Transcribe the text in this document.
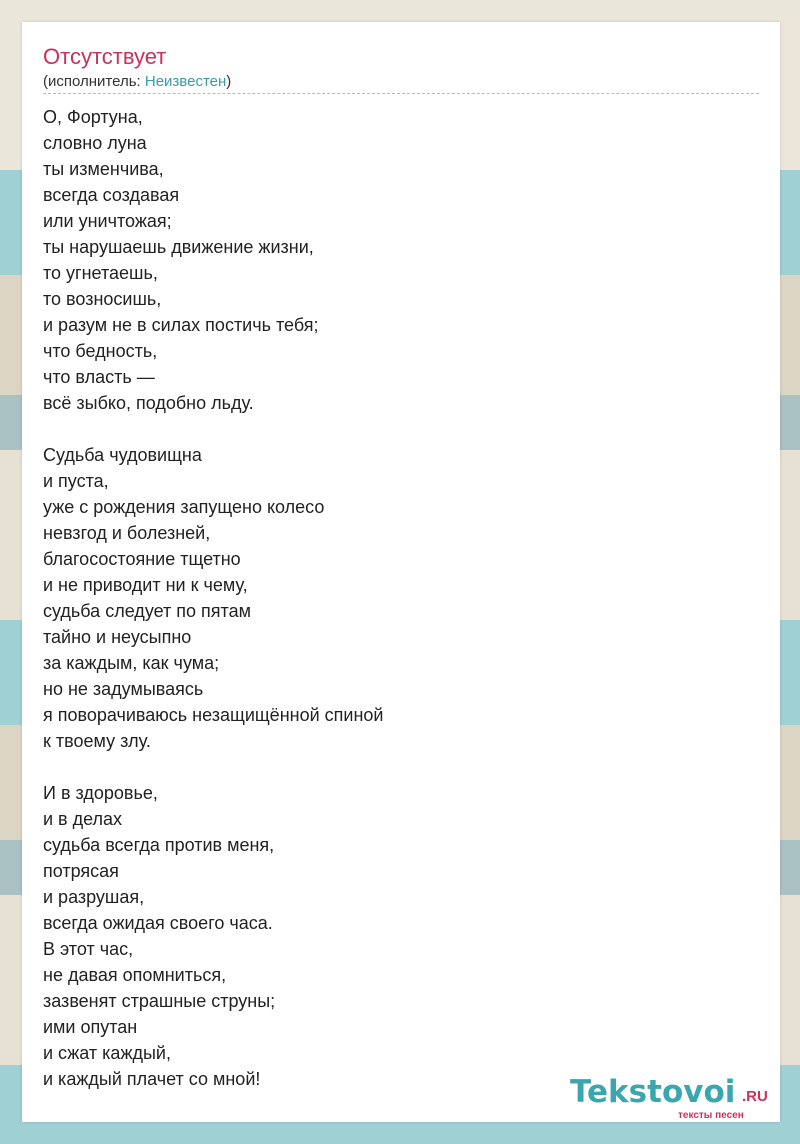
Отсутствует
(исполнитель: Неизвестен)
О, Фортуна,
словно луна
ты изменчива,
всегда создавая
или уничтожая;
ты нарушаешь движение жизни,
то угнетаешь,
то возносишь,
и разум не в силах постичь тебя;
что бедность,
что власть —
всё зыбко, подобно льду.
Судьба чудовищна
и пуста,
уже с рождения запущено колесо
невзгод и болезней,
благосостояние тщетно
и не приводит ни к чему,
судьба следует по пятам
тайно и неусыпно
за каждым, как чума;
но не задумываясь
я поворачиваюсь незащищённой спиной
к твоему злу.
И в здоровье,
и в делах
судьба всегда против меня,
потрясая
и разрушая,
всегда ожидая своего часа.
В этот час,
не давая опомниться,
зазвенят страшные струны;
ими опутан
и сжат каждый,
и каждый плачет со мной!	Tekstovoi .RU
тексты песен
